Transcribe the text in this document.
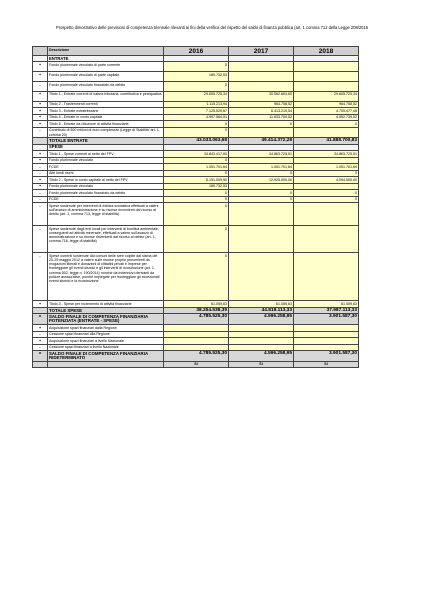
Prospetto dimostrativo delle previsioni di competenza triennale rilevanti ai fini della verifica del rispetto del saldo di finanza pubblica (art. 1 comma 712 della Legge 208/2015
	Descrizione	2016	2017	2018
	ENTRATE			
+	Fondo pluriennale vincolato di parte corrente	0		
+	Fondo pluriennale vincolato di parte capitale	189.732,53		
-	Fondo pluriennale vincolato finanziato da debito	0		
+	Titolo 1 - Entrate correnti di natura tributaria, contributiva e perequativa	29.605.725,34	30.062.663,60	29.605.725,34
+	Titolo 2 - Trasferimenti correnti	1.115.213,94	964.758,52	964.758,52
+	Titolo 3 - Entrate extratributarie	7.125.529,67	6.413.219,54	4.705.477,45
+	Titolo 4 - Entrate in conto capitale	4.997.584,91	11.633.700,52	4.592.739,52
+	Titolo 5 - Entrate da riduzione di attività finanziarie	0	0	0
-	Contributo di 500 milioni di euro complessivi (Legge di Stabilità' art. 1, comma 20)	0		
	TOTALE ENTRATE	43.033.063,68	49.414.372,28	41.888.700,83
	SPESE			
+	Titolo 1 - Spese correnti al netto del FPV	34.843.417,60	34.863.725,51	34.863.725,51
+	Fondo pluriennale vincolato	0		
-	FCDE	1.051.701,64	1.051.701,64	1.051.701,64
-	Altri fondi rischi	0	0	0
+	Titolo 2 - Spese in conto capitale al netto del FPV	5.151.009,90	12.925.000,00	4.094.500,00
+	Fondo pluriennale vincolato	189.732,53		
-	Fondo pluriennale vincolato finanziato da debito	0	0	0
-	FCDE	0	0	0
-	Spese sostenute per interventi di edilizia scolastica effettuati a valere sull'avanzo di amministrazione e su risorse rinvenienti dal ricorso al debito (art. 1, comma 713, legge di stabilità)	0		
-	Spese sostenute dagli enti locali per interventi di bonifica ambientale, conseguenti ad attività minerarie, effettuati a valere sull'avanzo di amministrazione e su risorse rinvenienti dal ricorso al debito (art. 1, comma 716, legge di stabilità)	0		
-	Spese correnti sostenute dai comuni delle aree colpite dal sisma del 20-29 maggio 2012 a valere sulle risorse proprie provenienti da erogazioni liberali e donazioni di cittadini privati e imprese per fronteggiare gli eventi sismici e gli interventi di ricostruzione (art. 1, comma 502, legge n. 190/2014) nonché da indennizzi derivanti da polizze assicurative, purché impiegate per fronteggiare gli eccezionali eventi sismici e la ricostruzione	0		
+	Titolo 3 - Spese per incremento di attività finanziarie	61.059,63	61.059,63	61.059,63
	TOTALE SPESE	38.254.538,39	44.818.113,33	37.987.113,33
=	SALDO FINALE DI COMPETENZA FINANZIARIA POTENZIATA (ENTRATE - SPESE)	4.785.525,30	4.596.258,95	3.901.587,30
+	Acquisizione spazi finanziari dalla Regione			
-	Cessione spazi finanziari alla Regione			
+	Acquisizione spazi finanziari a livello Nazionale			
-	Cessione spazi finanziari a livello Nazionale			
=	SALDO FINALE DI COMPETENZA FINANZIARIA RIDETERMINATO	4.785.525,30	4.596.258,95	3.901.587,30
		SI	SI	SI
